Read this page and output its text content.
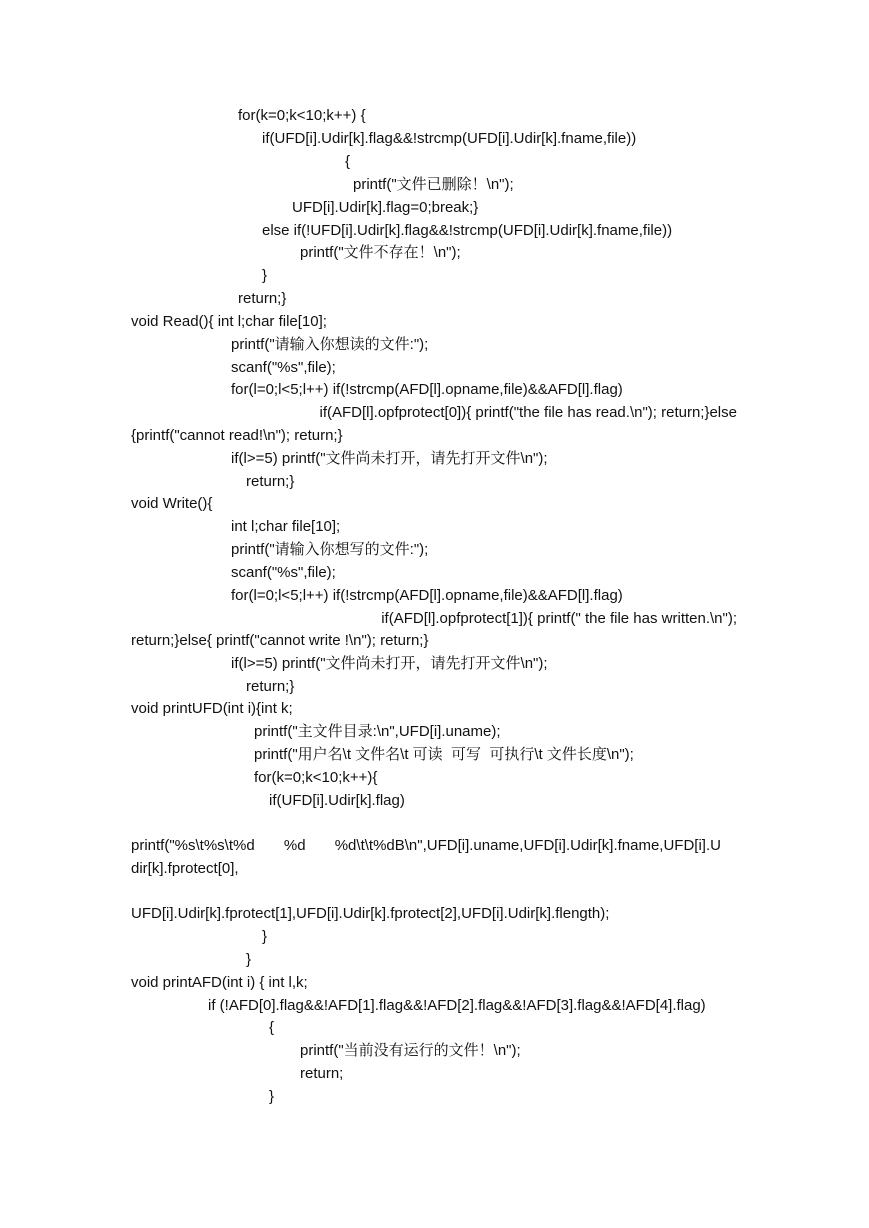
for(k=0;k<10;k++) {
if(UFD[i].Udir[k].flag&&!strcmp(UFD[i].Udir[k].fname,file))
{
printf("文件已删除！\n");
UFD[i].Udir[k].flag=0;break;}
else if(!UFD[i].Udir[k].flag&&!strcmp(UFD[i].Udir[k].fname,file))
printf("文件不存在！\n");
}
return;}
void Read(){ int l;char file[10];
printf("请输入你想读的文件:");
scanf("%s",file);
for(l=0;l<5;l++) if(!strcmp(AFD[l].opname,file)&&AFD[l].flag)
if(AFD[l].opfprotect[0]){ printf("the file has read.\n"); return;}else
{printf("cannot read!\n"); return;}
if(l>=5) printf("文件尚未打开，请先打开文件\n");
return;}
void Write(){
int l;char file[10];
printf("请输入你想写的文件:");
scanf("%s",file);
for(l=0;l<5;l++) if(!strcmp(AFD[l].opname,file)&&AFD[l].flag)
if(AFD[l].opfprotect[1]){ printf(" the file has written.\n");
return;}else{ printf("cannot write !\n"); return;}
if(l>=5) printf("文件尚未打开，请先打开文件\n");
return;}
void printUFD(int i){int k;
printf("主文件目录:\n",UFD[i].uname);
printf("用户名\t 文件名\t 可读  可写  可执行\t 文件长度\n");
for(k=0;k<10;k++){
if(UFD[i].Udir[k].flag)
printf("%s\t%s\t%d       %d       %d\t\t%dB\n",UFD[i].uname,UFD[i].Udir[k].fname,UFD[i].U
dir[k].fprotect[0],
UFD[i].Udir[k].fprotect[1],UFD[i].Udir[k].fprotect[2],UFD[i].Udir[k].flength);
}
}
void printAFD(int i) { int l,k;
if (!AFD[0].flag&&!AFD[1].flag&&!AFD[2].flag&&!AFD[3].flag&&!AFD[4].flag)
{
printf("当前没有运行的文件！\n");
return;
}
